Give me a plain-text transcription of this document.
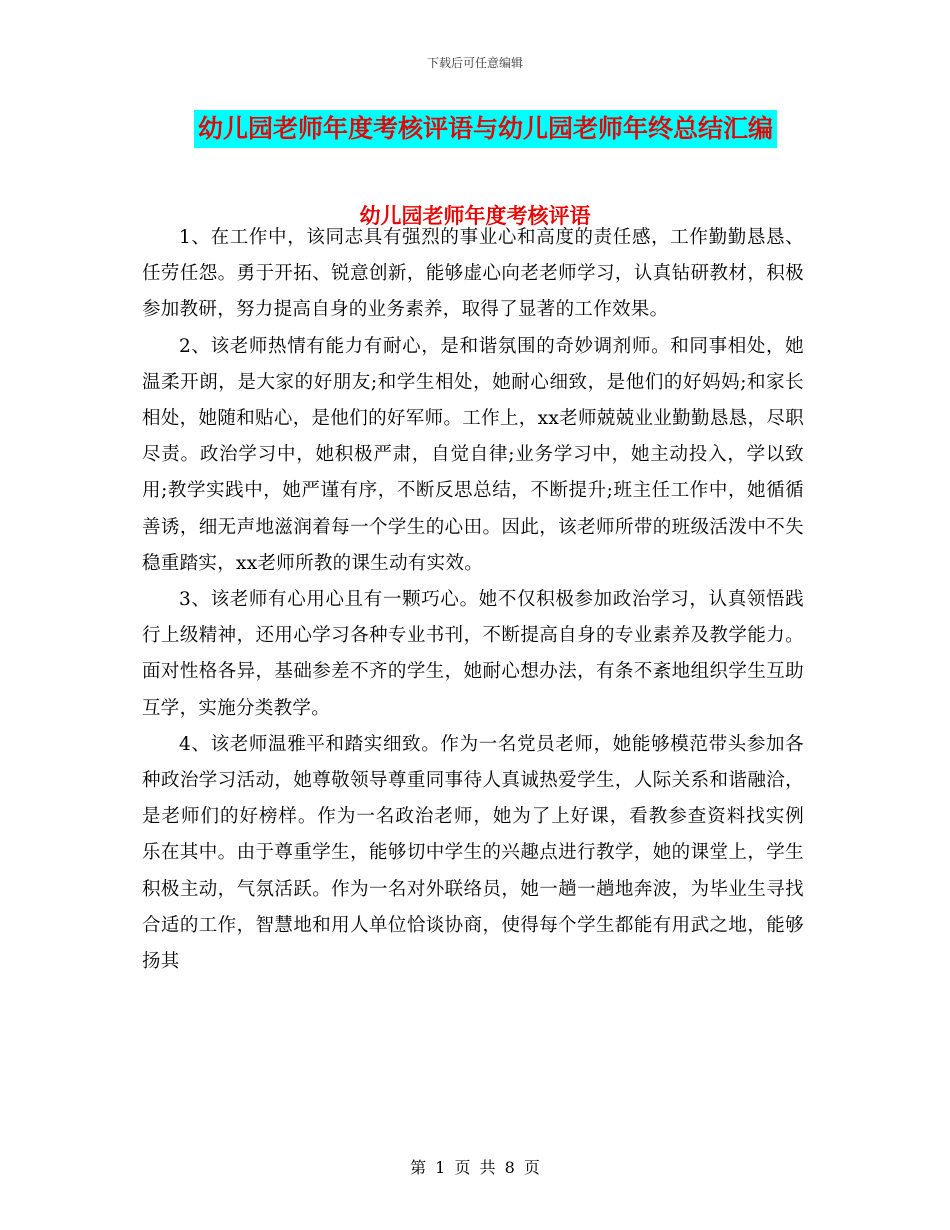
下载后可任意编辑
幼儿园老师年度考核评语与幼儿园老师年终总结汇编
幼儿园老师年度考核评语

1、在工作中，该同志具有强烈的事业心和高度的责任感，工作勤勤恳恳、任劳任怨。勇于开拓、锐意创新，能够虚心向老老师学习，认真钻研教材，积极参加教研，努力提高自身的业务素养，取得了显著的工作效果。

2、该老师热情有能力有耐心，是和谐氛围的奇妙调剂师。和同事相处，她温柔开朗，是大家的好朋友;和学生相处，她耐心细致，是他们的好妈妈;和家长相处，她随和贴心，是他们的好军师。工作上，xx老师兢兢业业勤勤恳恳，尽职尽责。政治学习中，她积极严肃，自觉自律;业务学习中，她主动投入，学以致用;教学实践中，她严谨有序，不断反思总结，不断提升;班主任工作中，她循循善诱，细无声地滋润着每一个学生的心田。因此，该老师所带的班级活泼中不失稳重踏实，xx老师所教的课生动有实效。

3、该老师有心用心且有一颗巧心。她不仅积极参加政治学习，认真领悟践行上级精神，还用心学习各种专业书刊，不断提高自身的专业素养及教学能力。面对性格各异，基础参差不齐的学生，她耐心想办法，有条不紊地组织学生互助互学，实施分类教学。

4、该老师温雅平和踏实细致。作为一名党员老师，她能够模范带头参加各种政治学习活动，她尊敬领导尊重同事待人真诚热爱学生，人际关系和谐融洽，是老师们的好榜样。作为一名政治老师，她为了上好课，看教参查资料找实例 乐在其中。由于尊重学生，能够切中学生的兴趣点进行教学，她的课堂上，学生积极主动，气氛活跃。作为一名对外联络员，她一趟一趟地奔波，为毕业生寻找合适的工作，智慧地和用人单位恰谈协商，使得每个学生都能有用武之地，能够扬其

第 1 页 共 8 页
